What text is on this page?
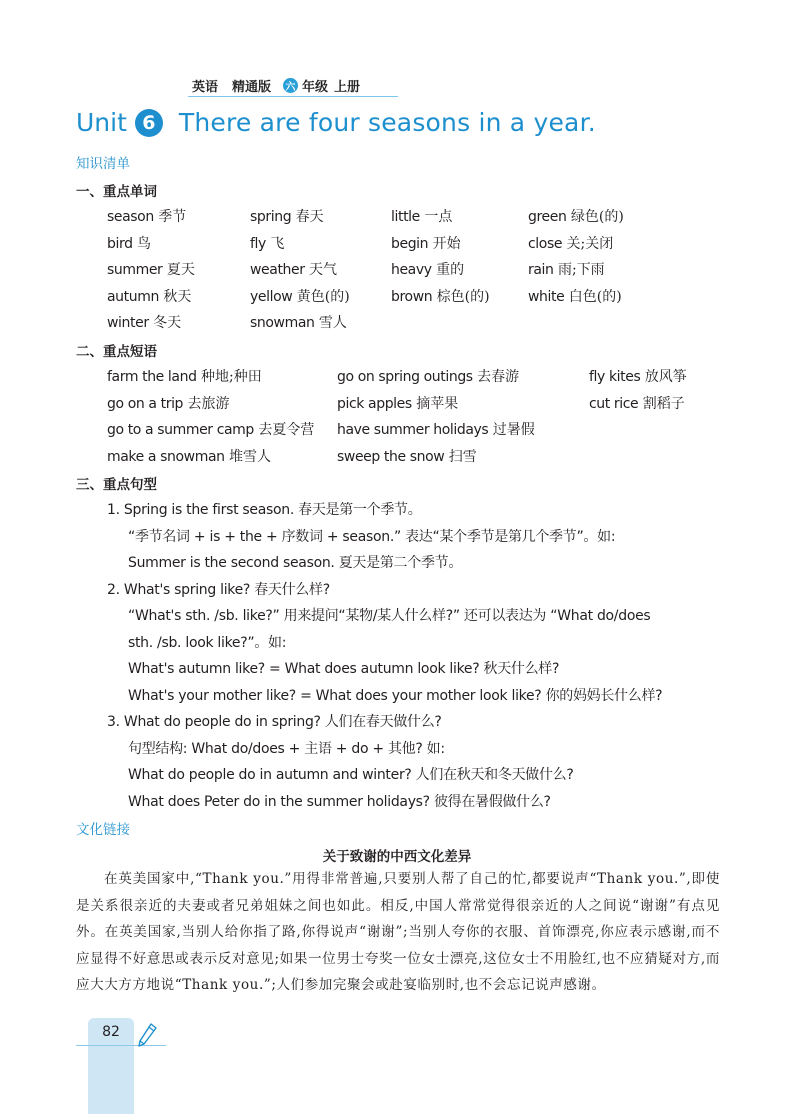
英语 精通版 六 年级 上册
Unit 6 There are four seasons in a year.
知识清单
一、重点单词
season 季节	spring 春天	little 一点	green 绿色(的)
bird 鸟	fly 飞	begin 开始	close 关;关闭
summer 夏天	weather 天气	heavy 重的	rain 雨;下雨
autumn 秋天	yellow 黄色(的)	brown 棕色(的)	white 白色(的)
winter 冬天	snowman 雪人
二、重点短语
farm the land 种地;种田	go on spring outings 去春游	fly kites 放风筝
go on a trip 去旅游	pick apples 摘苹果	cut rice 割稻子
go to a summer camp 去夏令营 have summer holidays 过暑假
make a snowman 堆雪人	sweep the snow 扫雪
三、重点句型
1. Spring is the first season. 春天是第一个季节。
“季节名词 + is + the + 序数词 + season.” 表达“某个季节是第几个季节”。如:
Summer is the second season. 夏天是第二个季节。
2. What's spring like? 春天什么样?
“What's sth. /sb. like?” 用来提问“某物/某人什么样?” 还可以表达为 “What do/does
sth. /sb. look like?”。如:
What's autumn like? = What does autumn look like? 秋天什么样?
What's your mother like? = What does your mother look like? 你的妈妈长什么样?
3. What do people do in spring? 人们在春天做什么?
句型结构: What do/does + 主语 + do + 其他? 如:
What do people do in autumn and winter? 人们在秋天和冬天做什么?
What does Peter do in the summer holidays? 彼得在暑假做什么?
文化链接
关于致谢的中西文化差异
在英美国家中,“Thank you.”用得非常普遍,只要别人帮了自己的忙,都要说声“Thank you.”,即使是关系很亲近的夫妻或者兄弟姐妹之间也如此。相反,中国人常常觉得很亲近的人之间说“谢谢”有点见外。在英美国家,当别人给你指了路,你得说声“谢谢”;当别人夸你的衣服、首饰漂亮,你应表示感谢,而不应显得不好意思或表示反对意见;如果一位男士夸奖一位女士漂亮,这位女士不用脸红,也不应猜疑对方,而应大大方方地说“Thank you.”;人们参加完聚会或赴宴临别时,也不会忘记说声感谢。
82
